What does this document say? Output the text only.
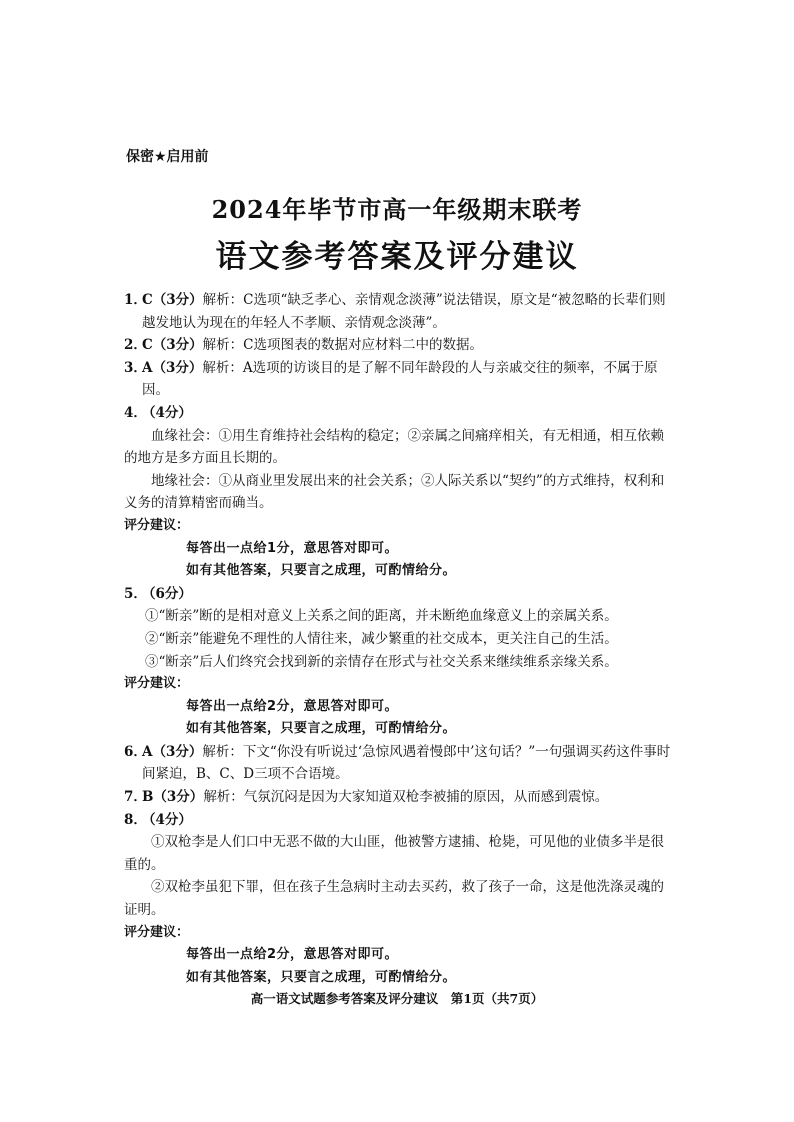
保密★启用前
2024年毕节市高一年级期末联考
语文参考答案及评分建议
1．
C（3分）解析：C选项“缺乏孝心、亲情观念淡薄”说法错误，原文是“被忽略的长辈们则越发地认为现在的年轻人不孝顺、亲情观念淡薄”。
2．
C（3分）解析：C选项图表的数据对应材料二中的数据。
3．
A（3分）解析：A选项的访谈目的是了解不同年龄段的人与亲戚交往的频率，不属于原因。
4．
（4分）
血缘社会：①用生育维持社会结构的稳定；②亲属之间痛痒相关，有无相通，相互依赖的地方是多方面且长期的。
地缘社会：①从商业里发展出来的社会关系；②人际关系以“契约”的方式维持，权利和义务的清算精密而确当。
评分建议：
每答出一点给1分，意思答对即可。
如有其他答案，只要言之成理，可酌情给分。
5．
（6分）
①“断亲”断的是相对意义上关系之间的距离，并未断绝血缘意义上的亲属关系。
②“断亲”能避免不理性的人情往来，减少繁重的社交成本，更关注自己的生活。
③“断亲”后人们终究会找到新的亲情存在形式与社交关系来继续维系亲缘关系。
评分建议：
每答出一点给2分，意思答对即可。
如有其他答案，只要言之成理，可酌情给分。
6．
A（3分）解析：下文“你没有听说过‘急惊风遇着慢郎中’这句话？”一句强调买药这件事时间紧迫，B、C、D三项不合语境。
7．
B（3分）解析：气氛沉闷是因为大家知道双枪李被捕的原因，从而感到震惊。
8．
（4分）
①双枪李是人们口中无恶不做的大山匪，他被警方逮捕、枪毙，可见他的业债多半是很重的。
②双枪李虽犯下罪，但在孩子生急病时主动去买药，救了孩子一命，这是他洗涤灵魂的证明。
评分建议：
每答出一点给2分，意思答对即可。
如有其他答案，只要言之成理，可酌情给分。
高一语文试题参考答案及评分建议　第1页（共7页）
